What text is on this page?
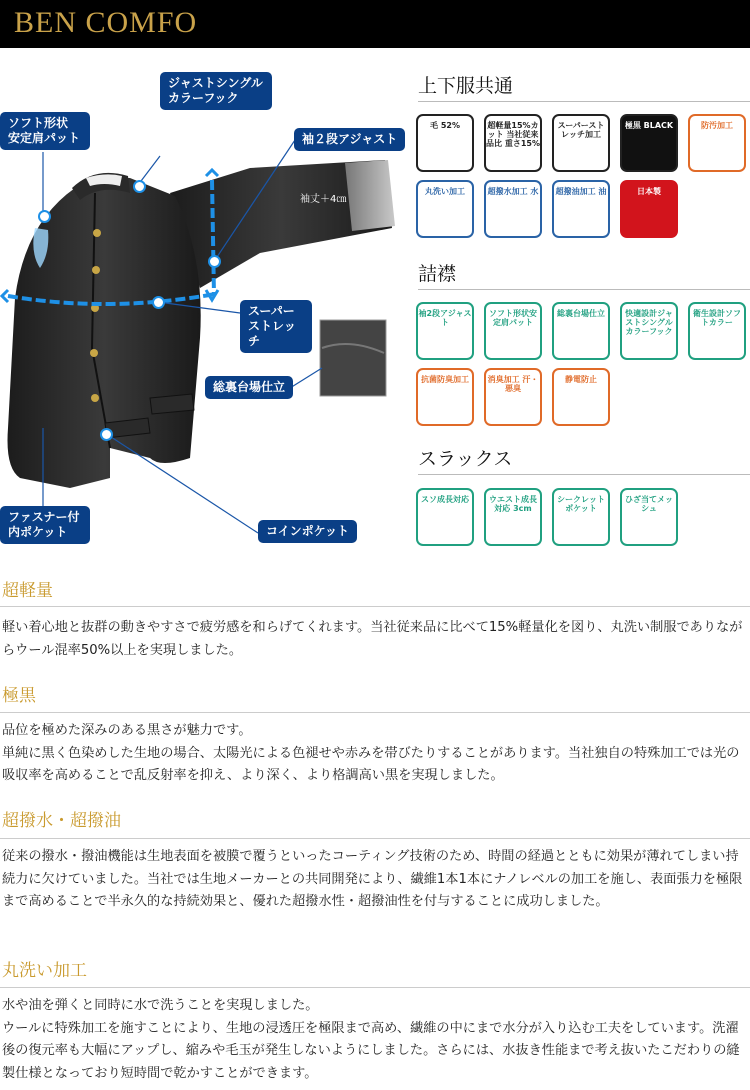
BEN COMFO
ソフト形状
安定肩パット
ジャストシングル
カラーフック
袖２段アジャスト
袖丈＋4㎝
スーパー
ストレッチ
総裏台場仕立
ファスナー付
内ポケット	コインポケット
上下服共通
毛 52%	超軽量15%カット 当社従来品比 重さ15%
スーパーストレッチ加工
極黒 BLACK	防汚加工
丸洗い加工	超撥水加工 水 超撥油加工 油	日本製
詰襟
袖2段アジャスト
ソフト形状安定肩パット
総裏台場仕立	快適設計ジャストシングルカラーフック
衛生設計ソフトカラー
抗菌防臭加工	消臭加工 汗・悪臭
静電防止
スラックス
スソ成長対応	ウエスト成長対応 3cm
シークレットポケット
ひざ当てメッシュ
超軽量

軽い着心地と抜群の動きやすさで疲労感を和らげてくれます。当社従来品に比べて15%軽量化を図り、丸洗い制服でありながらウール混率50%以上を実現しました。

極黒

品位を極めた深みのある黒さが魅力です。
単純に黒く色染めした生地の場合、太陽光による色褪せや赤みを帯びたりすることがあります。当社独自の特殊加工では光の吸収率を高めることで乱反射率を抑え、より深く、より格調高い黒を実現しました。

超撥水・超撥油

従来の撥水・撥油機能は生地表面を被膜で覆うといったコーティング技術のため、時間の経過とともに効果が薄れてしまい持続力に欠けていました。当社では生地メーカーとの共同開発により、繊維1本1本にナノレベルの加工を施し、表面張力を極限まで高めることで半永久的な持続効果と、優れた超撥水性・超撥油性を付与することに成功しました。

丸洗い加工

水や油を弾くと同時に水で洗うことを実現しました。
ウールに特殊加工を施すことにより、生地の浸透圧を極限まで高め、繊維の中にまで水分が入り込む工夫をしています。洗濯後の復元率も大幅にアップし、縮みや毛玉が発生しないようにしました。さらには、水抜き性能まで考え抜いたこだわりの縫製仕様となっており短時間で乾かすことができます。
